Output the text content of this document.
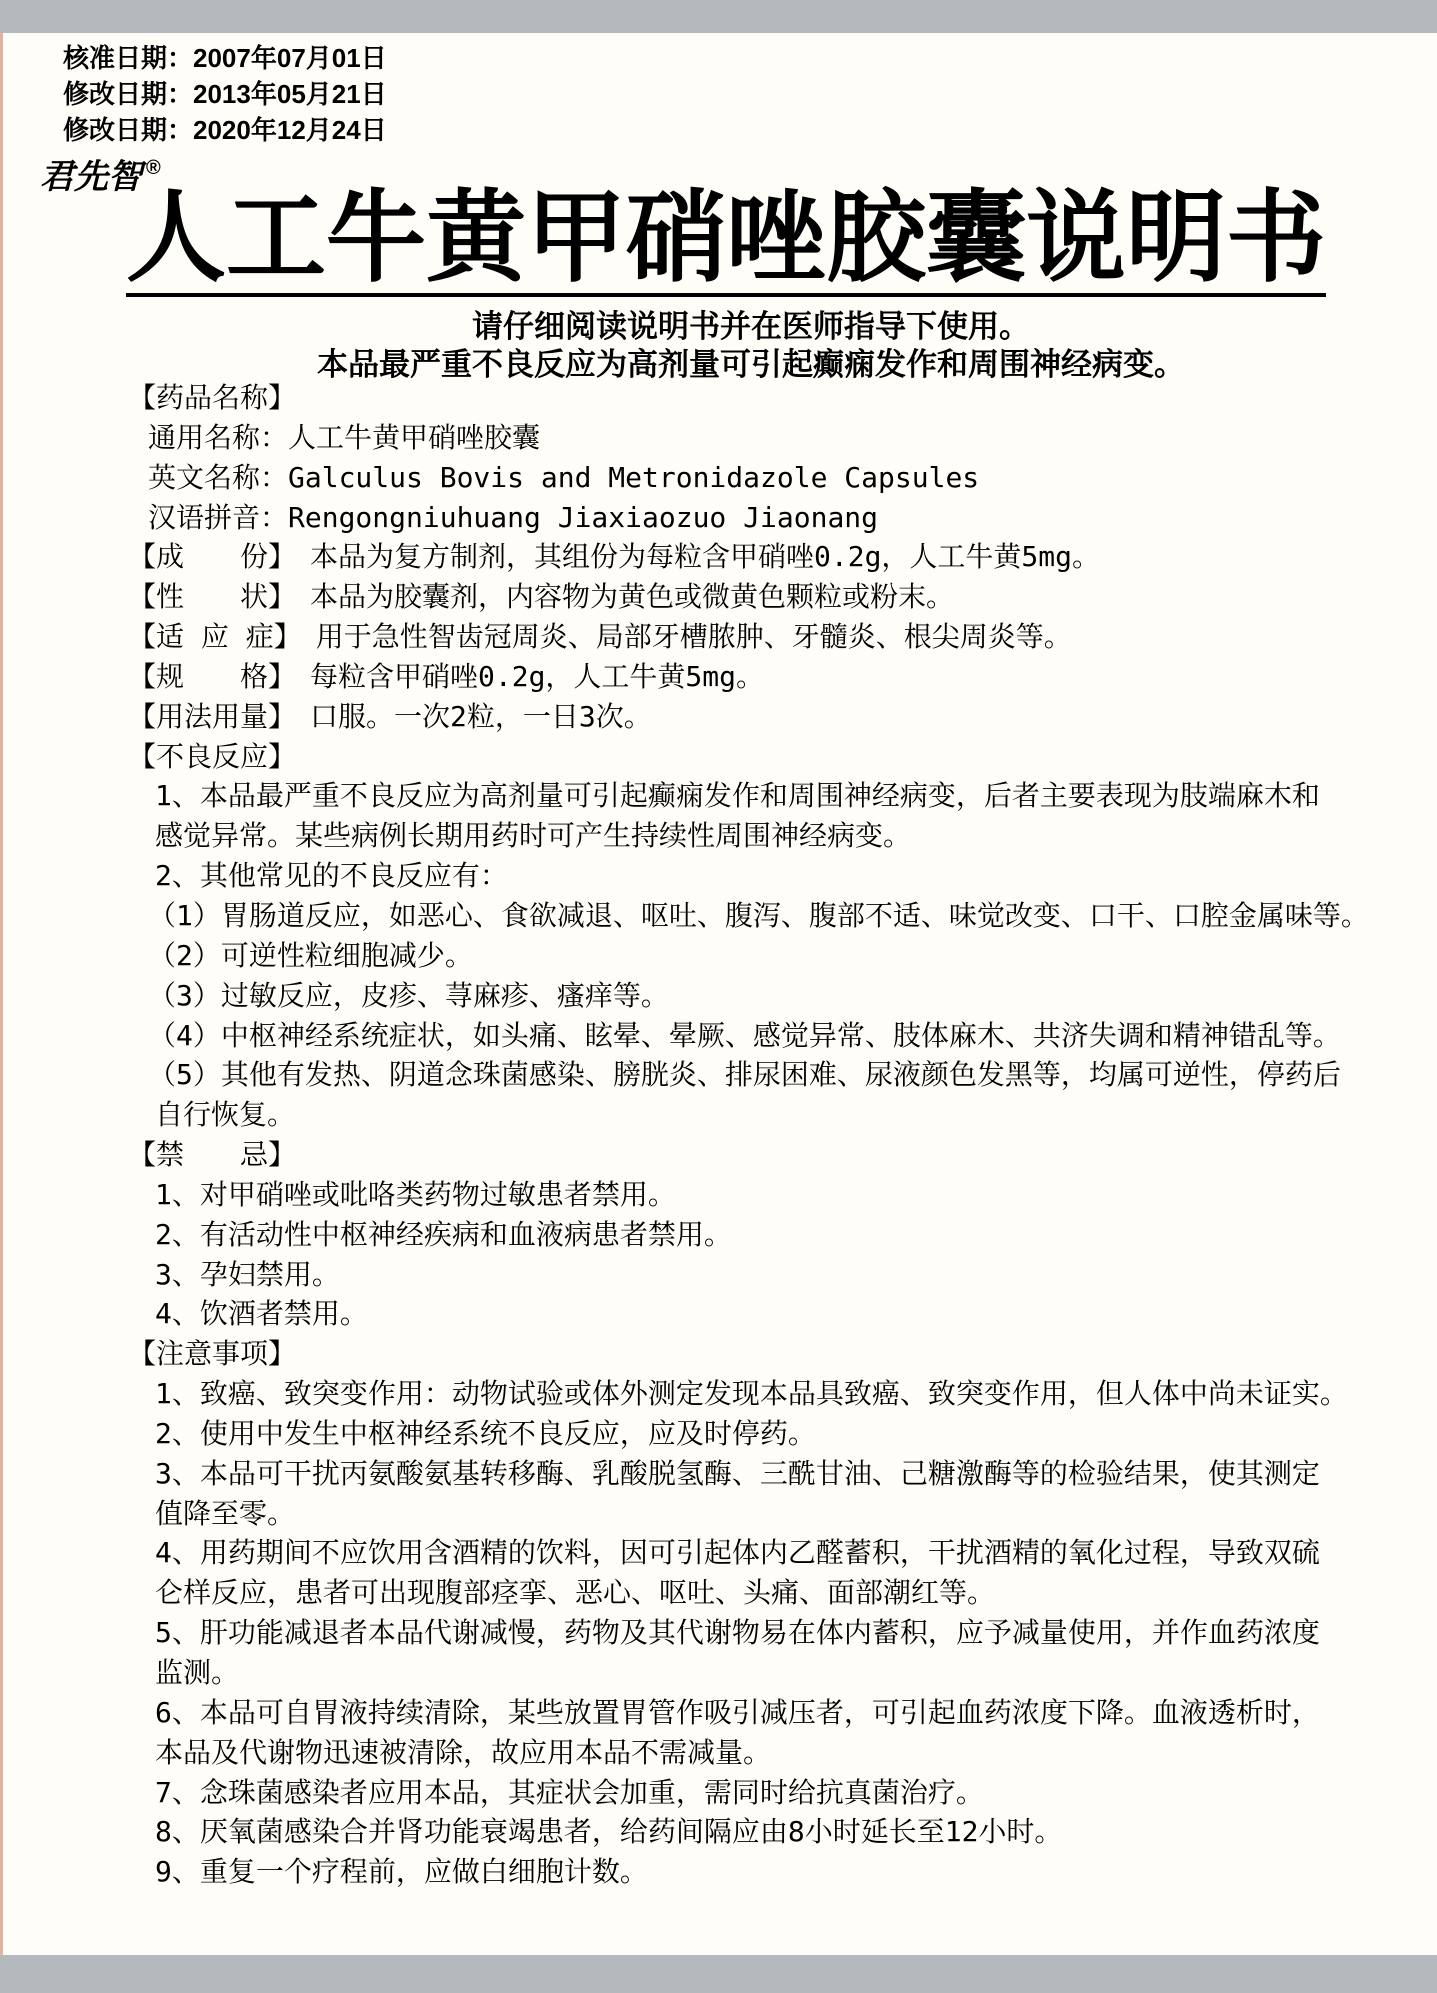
核准日期：2007年07月01日
修改日期：2013年05月21日
修改日期：2020年12月24日
君先智 ®
人工牛黄甲硝唑胶囊说明书
请仔细阅读说明书并在医师指导下使用。
本品最严重不良反应为高剂量可引起癫痫发作和周围神经病变。
【药品名称】
通用名称：人工牛黄甲硝唑胶囊
英文名称：Galculus Bovis and Metronidazole Capsules
汉语拼音：Rengongniuhuang Jiaxiaozuo Jiaonang
【成　　份】　本品为复方制剂，其组份为每粒含甲硝唑0.2g，人工牛黄5mg。
【性　　状】　本品为胶囊剂，内容物为黄色或微黄色颗粒或粉末。
【适 应 症】　用于急性智齿冠周炎、局部牙槽脓肿、牙髓炎、根尖周炎等。
【规　　格】　每粒含甲硝唑0.2g，人工牛黄5mg。
【用法用量】　口服。一次2粒，一日3次。
【不良反应】
1、本品最严重不良反应为高剂量可引起癫痫发作和周围神经病变，后者主要表现为肢端麻木和
感觉异常。某些病例长期用药时可产生持续性周围神经病变。
2、其他常见的不良反应有：
（1）胃肠道反应，如恶心、食欲减退、呕吐、腹泻、腹部不适、味觉改变、口干、口腔金属味等。
（2）可逆性粒细胞减少。
（3）过敏反应，皮疹、荨麻疹、瘙痒等。
（4）中枢神经系统症状，如头痛、眩晕、晕厥、感觉异常、肢体麻木、共济失调和精神错乱等。
（5）其他有发热、阴道念珠菌感染、膀胱炎、排尿困难、尿液颜色发黑等，均属可逆性，停药后
自行恢复。
【禁　　忌】
1、对甲硝唑或吡咯类药物过敏患者禁用。
2、有活动性中枢神经疾病和血液病患者禁用。
3、孕妇禁用。
4、饮酒者禁用。
【注意事项】
1、致癌、致突变作用：动物试验或体外测定发现本品具致癌、致突变作用，但人体中尚未证实。
2、使用中发生中枢神经系统不良反应，应及时停药。
3、本品可干扰丙氨酸氨基转移酶、乳酸脱氢酶、三酰甘油、己糖激酶等的检验结果，使其测定
值降至零。
4、用药期间不应饮用含酒精的饮料，因可引起体内乙醛蓄积，干扰酒精的氧化过程，导致双硫
仑样反应，患者可出现腹部痉挛、恶心、呕吐、头痛、面部潮红等。
5、肝功能减退者本品代谢减慢，药物及其代谢物易在体内蓄积，应予减量使用，并作血药浓度
监测。
6、本品可自胃液持续清除，某些放置胃管作吸引减压者，可引起血药浓度下降。血液透析时，
本品及代谢物迅速被清除，故应用本品不需减量。
7、念珠菌感染者应用本品，其症状会加重，需同时给抗真菌治疗。
8、厌氧菌感染合并肾功能衰竭患者，给药间隔应由8小时延长至12小时。
9、重复一个疗程前，应做白细胞计数。
